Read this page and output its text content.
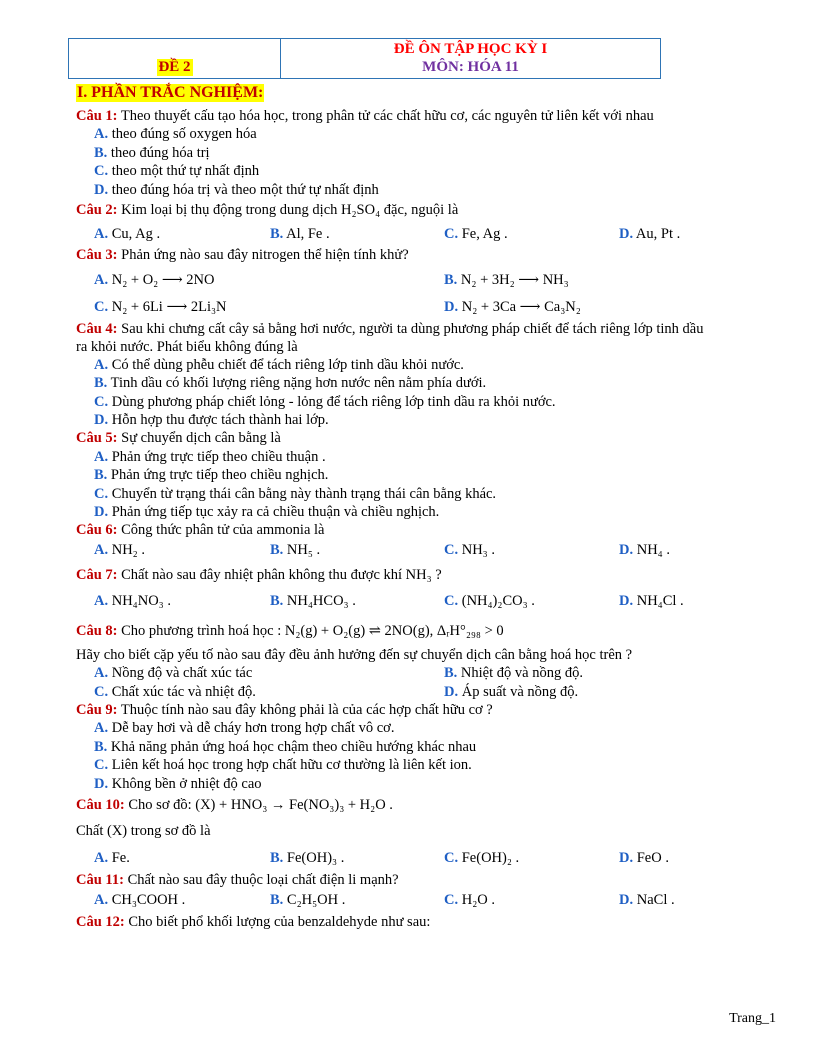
ĐỀ 2
ĐỀ ÔN TẬP HỌC KỲ I
MÔN: HÓA 11
I. PHẦN TRẮC NGHIỆM:
Câu 1: Theo thuyết cấu tạo hóa học, trong phân tử các chất hữu cơ, các nguyên tử liên kết với nhau
A. theo đúng số oxygen hóa
B. theo đúng hóa trị
C. theo một thứ tự nhất định
D. theo đúng hóa trị và theo một thứ tự nhất định
Câu 2: Kim loại bị thụ động trong dung dịch H₂SO₄ đặc, nguội là
A. Cu, Ag .	B. Al, Fe .	C. Fe, Ag .	D. Au, Pt .
Câu 3: Phản ứng nào sau đây nitrogen thể hiện tính khử?
A. N₂ + O₂ ⟶ 2NO	B. N₂ + 3H₂ ⟶ NH₃
C. N₂ + 6Li ⟶ 2Li₃N	D. N₂ + 3Ca ⟶ Ca₃N₂
Câu 4: Sau khi chưng cất cây sả bằng hơi nước, người ta dùng phương pháp chiết để tách riêng lớp tinh dầu
ra khỏi nước. Phát biểu không đúng là
A. Có thể dùng phễu chiết để tách riêng lớp tinh dầu khỏi nước.
B. Tinh dầu có khối lượng riêng nặng hơn nước nên nằm phía dưới.
C. Dùng phương pháp chiết lỏng - lỏng để tách riêng lớp tinh dầu ra khỏi nước.
D. Hỗn hợp thu được tách thành hai lớp.
Câu 5: Sự chuyển dịch cân bằng là
A. Phản ứng trực tiếp theo chiều thuận .
B. Phản ứng trực tiếp theo chiều nghịch.
C. Chuyển từ trạng thái cân bằng này thành trạng thái cân bằng khác.
D. Phản ứng tiếp tục xảy ra cả chiều thuận và chiều nghịch.
Câu 6: Công thức phân tử của ammonia là
A. NH₂ .	B. NH₅ .	C. NH₃ .	D. NH₄ .
Câu 7: Chất nào sau đây nhiệt phân không thu được khí NH₃ ?
A. NH₄NO₃ .	B. NH₄HCO₃ .	C. (NH₄)₂CO₃ .	D. NH₄Cl .
Câu 8: Cho phương trình hoá học : N₂(g) + O₂(g) ⇌ 2NO(g), ΔᵣH°₂₉₈ > 0
Hãy cho biết cặp yếu tố nào sau đây đều ảnh hưởng đến sự chuyển dịch cân bằng hoá học trên ?
A. Nồng độ và chất xúc tác	B. Nhiệt độ và nồng độ.
C. Chất xúc tác và nhiệt độ.	D. Áp suất và nồng độ.
Câu 9: Thuộc tính nào sau đây không phải là của các hợp chất hữu cơ ?
A. Dễ bay hơi và dễ cháy hơn trong hợp chất vô cơ.
B. Khả năng phản ứng hoá học chậm theo chiều hướng khác nhau
C. Liên kết hoá học trong hợp chất hữu cơ thường là liên kết ion.
D. Không bền ở nhiệt độ cao
Câu 10: Cho sơ đồ: (X) + HNO₃ → Fe(NO₃)₃ + H₂O .
Chất (X) trong sơ đồ là
A. Fe.	B. Fe(OH)₃ .	C. Fe(OH)₂ .	D. FeO .
Câu 11: Chất nào sau đây thuộc loại chất điện li mạnh?
A. CH₃COOH .	B. C₂H₅OH .	C. H₂O .	D. NaCl .
Câu 12: Cho biết phổ khối lượng của benzaldehyde như sau:
Trang_1
